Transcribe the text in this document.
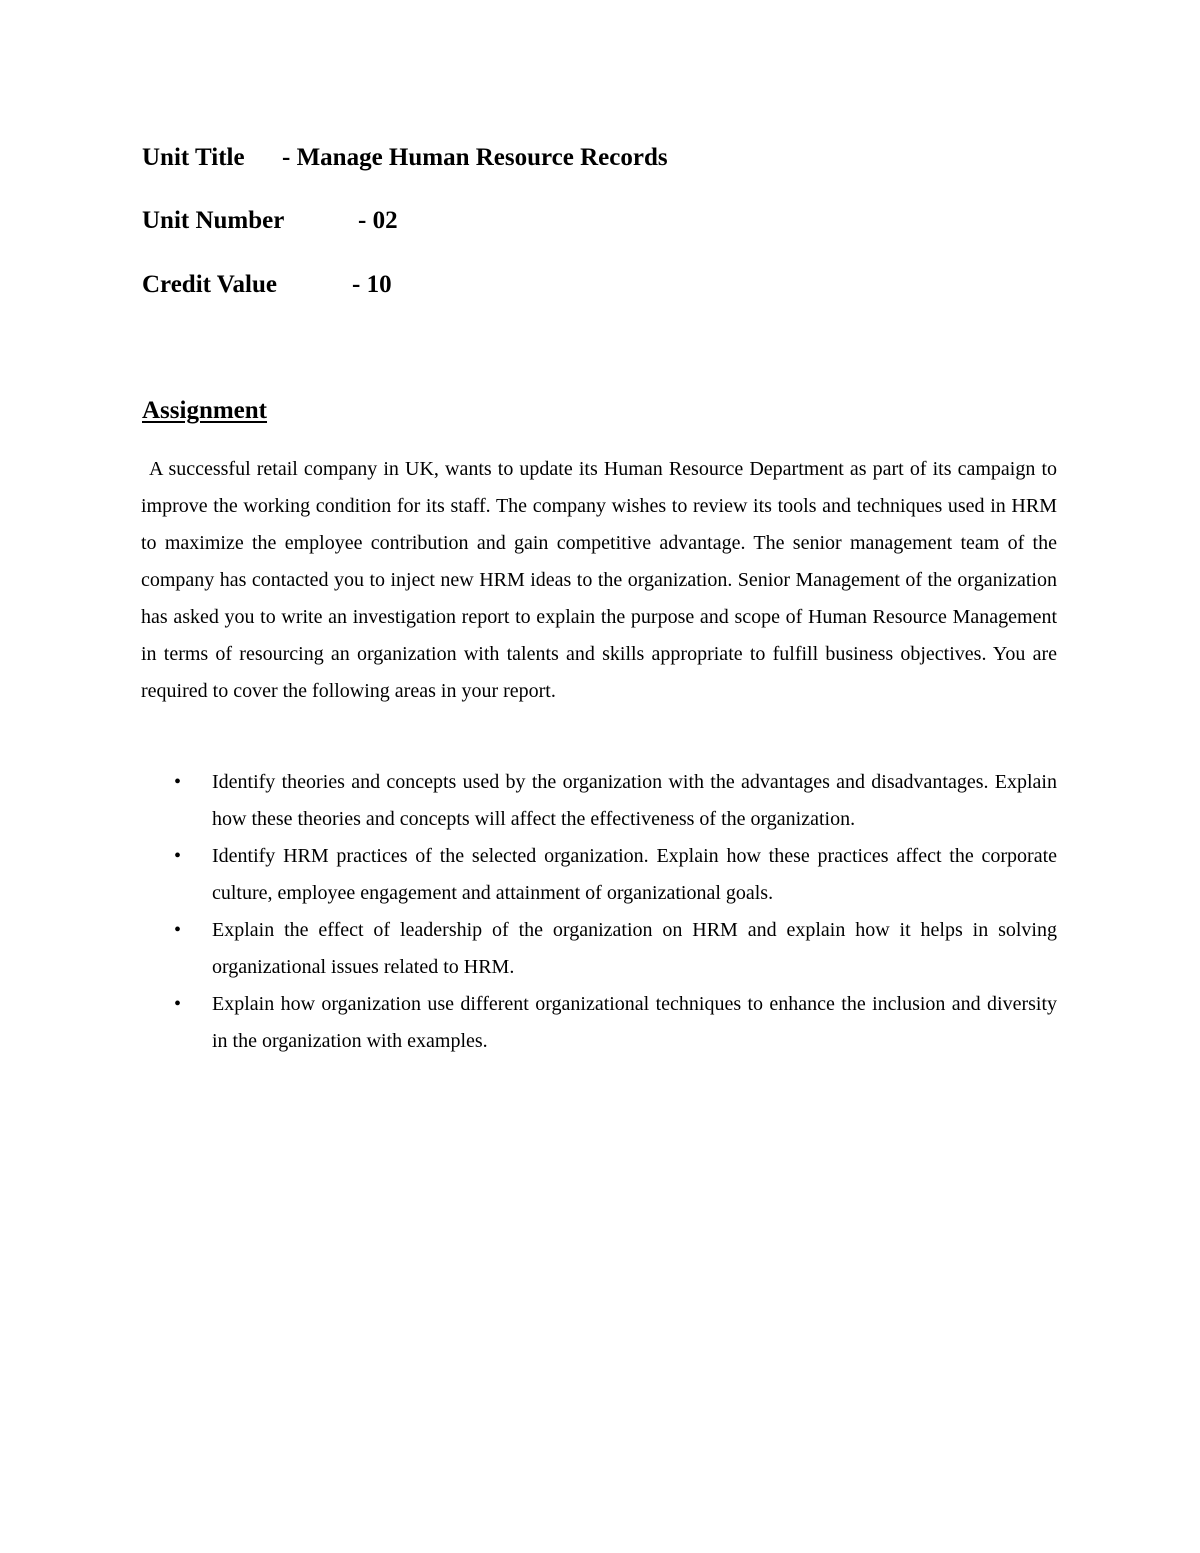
Unit Title - Manage Human Resource Records
Unit Number	- 02
Credit Value	- 10
Assignment

A successful retail company in UK, wants to update its Human Resource Department as part of its campaign to improve the working condition for its staff. The company wishes to review its tools and techniques used in HRM to maximize the employee contribution and gain competitive advantage. The senior management team of the company has contacted you to inject new HRM ideas to the organization. Senior Management of the organization has asked you to write an investigation report to explain the purpose and scope of Human Resource Management in terms of resourcing an organization with talents and skills appropriate to fulfill business objectives. You are required to cover the following areas in your report.

• Identify theories and concepts used by the organization with the advantages and disadvantages. Explain how these theories and concepts will affect the effectiveness of the organization.
• Identify HRM practices of the selected organization. Explain how these practices affect the corporate culture, employee engagement and attainment of organizational goals.
• Explain the effect of leadership of the organization on HRM and explain how it helps in solving organizational issues related to HRM.
• Explain how organization use different organizational techniques to enhance the inclusion and diversity in the organization with examples.
